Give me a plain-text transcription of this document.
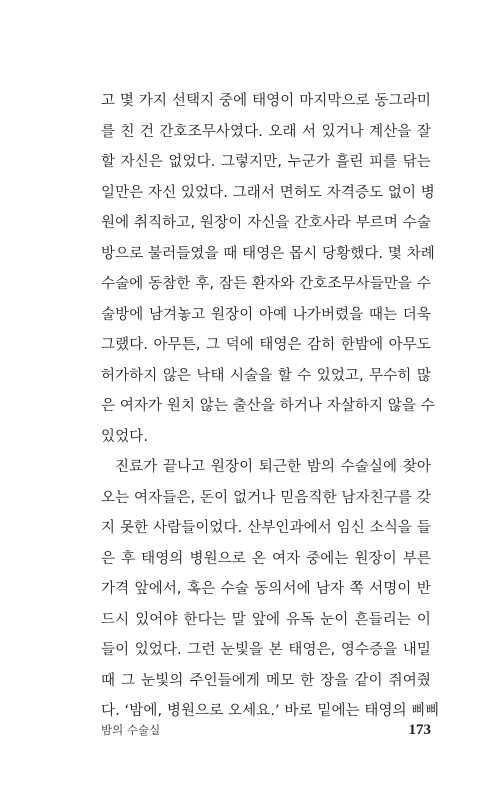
고 몇 가지 선택지 중에 태영이 마지막으로 동그라미
를 친 건 간호조무사였다. 오래 서 있거나 계산을 잘
할 자신은 없었다. 그렇지만, 누군가 흘린 피를 닦는
일만은 자신 있었다. 그래서 면허도 자격증도 없이 병
원에 취직하고, 원장이 자신을 간호사라 부르며 수술
방으로 불러들였을 때 태영은 몹시 당황했다. 몇 차례
수술에 동참한 후, 잠든 환자와 간호조무사들만을 수
술방에 남겨놓고 원장이 아예 나가버렸을 때는 더욱
그랬다. 아무튼, 그 덕에 태영은 감히 한밤에 아무도
허가하지 않은 낙태 시술을 할 수 있었고, 무수히 많
은 여자가 원치 않는 출산을 하거나 자살하지 않을 수
있었다.
진료가 끝나고 원장이 퇴근한 밤의 수술실에 찾아
오는 여자들은, 돈이 없거나 믿음직한 남자친구를 갖
지 못한 사람들이었다. 산부인과에서 임신 소식을 들
은 후 태영의 병원으로 온 여자 중에는 원장이 부른
가격 앞에서, 혹은 수술 동의서에 남자 쪽 서명이 반
드시 있어야 한다는 말 앞에 유독 눈이 흔들리는 이
들이 있었다. 그런 눈빛을 본 태영은, 영수증을 내밀
때 그 눈빛의 주인들에게 메모 한 장을 같이 쥐여줬
다. ‘밤에, 병원으로 오세요.’ 바로 밑에는 태영의 삐삐
밤의 수술실	173
